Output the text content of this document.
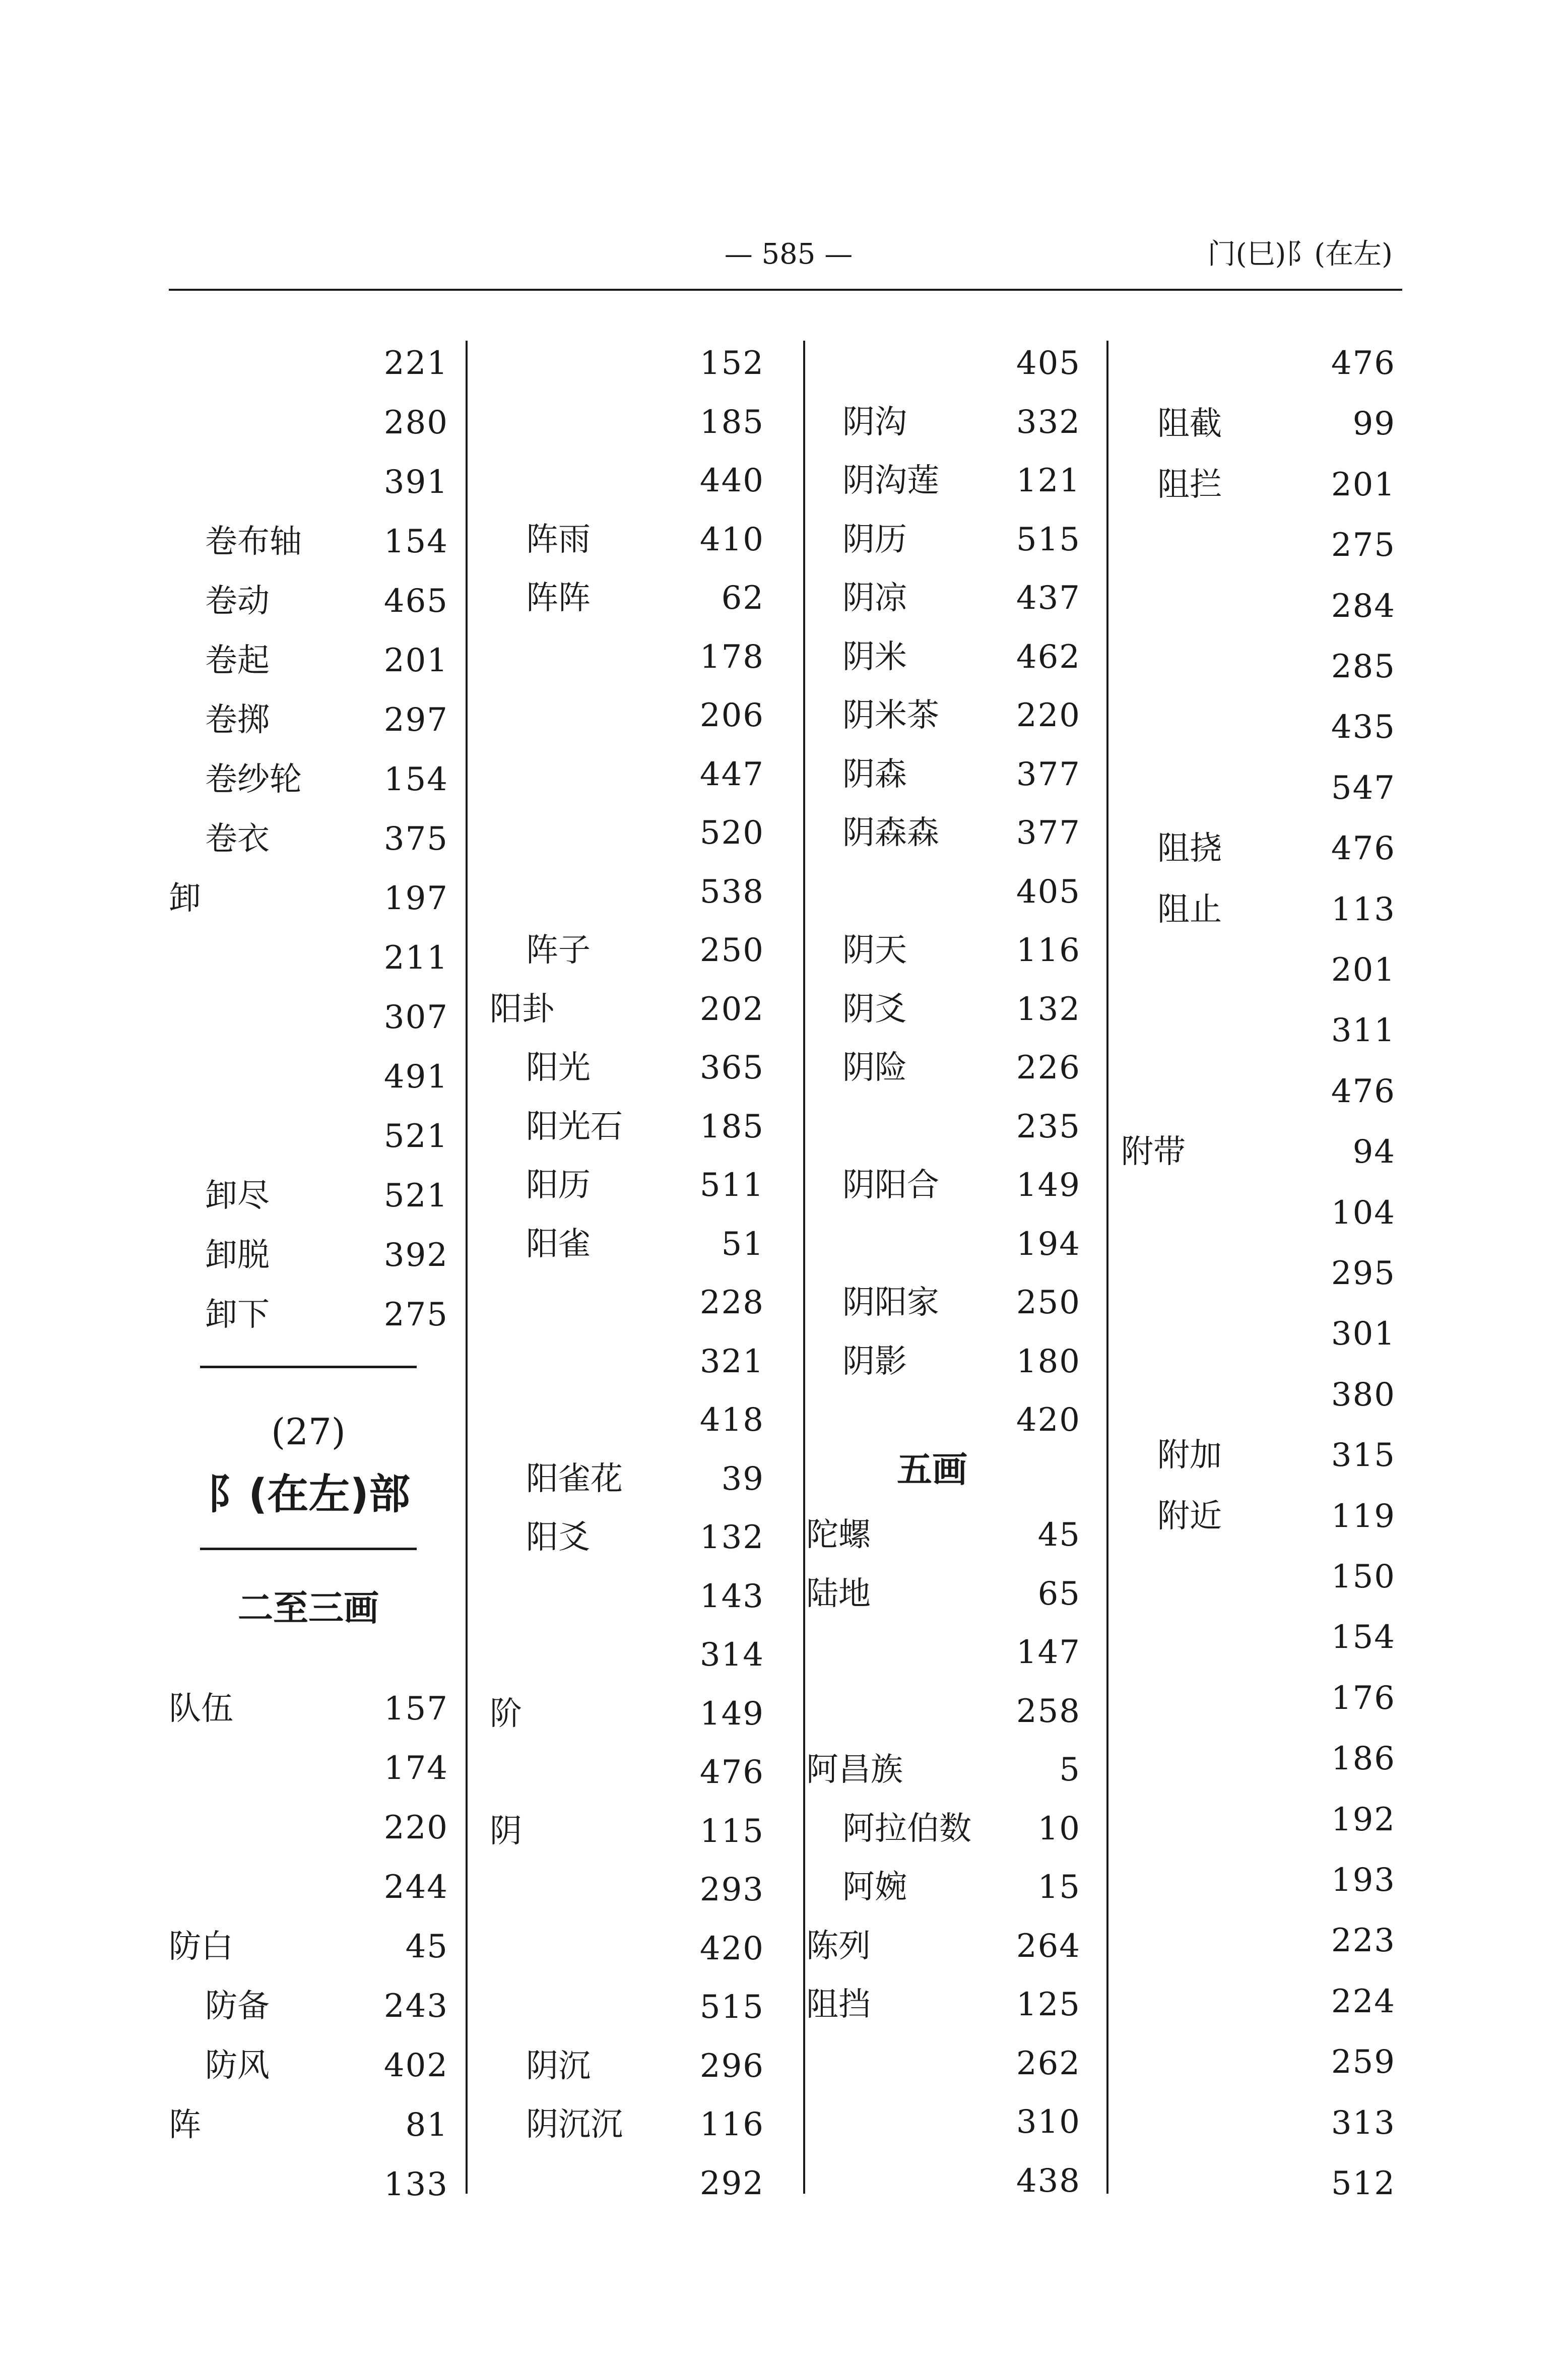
— 585 —	门(巳)阝(在左)
(27)
阝(在左)部
二至三画
221
280
391
卷布轴	154
卷动	465
卷起	201
卷掷	297
卷纱轮	154
卷衣	375
卸	197
211
307
491
521
卸尽	521
卸脱	392
卸下	275
队伍	157
174
220
244
防白	45
防备	243
防风	402
阵	81
133
152
185
440
阵雨	410
阵阵	62
178
206
447
520
538
阵子	250
阳卦	202
阳光	365
阳光石	185
阳历	511
阳雀	51
228
321
418
阳雀花	39
阳爻	132
143
314
阶	149
476
阴	115
293
420
515
阴沉	296
阴沉沉	116
292
五画
405
阴沟	332
阴沟莲	121
阴历	515
阴凉	437
阴米	462
阴米茶	220
阴森	377
阴森森	377
405
阴天	116
阴爻	132
阴险	226
235
阴阳合	149
194
阴阳家	250
阴影	180
420
陀螺	45
陆地	65
147
258
阿昌族	5
阿拉伯数	10
阿婉	15
陈列	264
阻挡	125
262
310
438
476
阻截	99
阻拦	201
275
284
285
435
547
阻挠	476
阻止	113
201
311
476
附带	94
104
295
301
380
附加	315
附近	119
150
154
176
186
192
193
223
224
259
313
512
